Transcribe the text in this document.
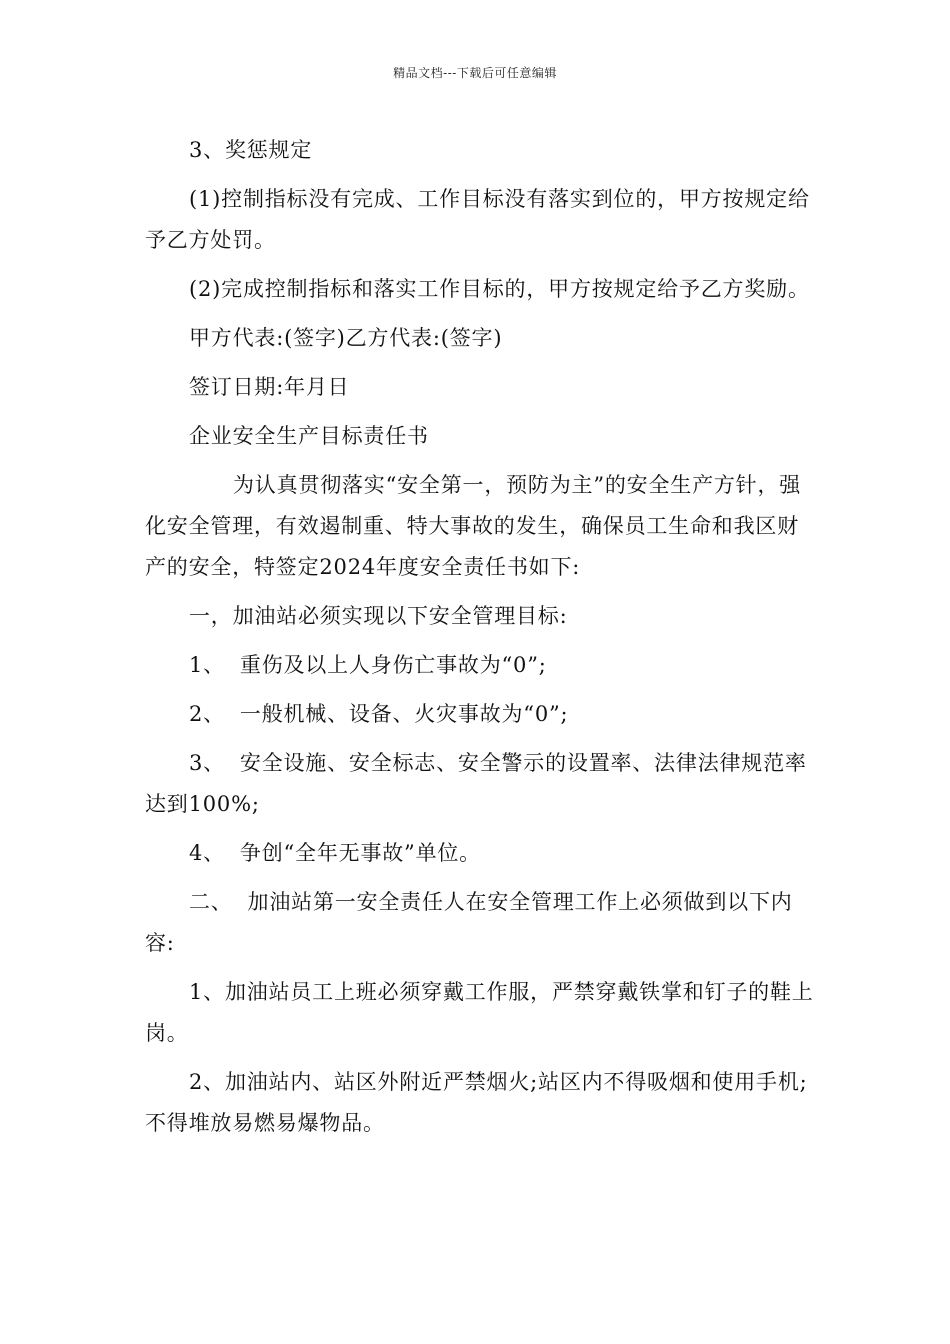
精品文档---下载后可任意编辑

3、奖惩规定

(1)控制指标没有完成、工作目标没有落实到位的，甲方按规定给予乙方处罚。

(2)完成控制指标和落实工作目标的，甲方按规定给予乙方奖励。

甲方代表:(签字)乙方代表:(签字)

签订日期:年月日

企业安全生产目标责任书

为认真贯彻落实“安全第一，预防为主”的安全生产方针，强化安全管理，有效遏制重、特大事故的发生，确保员工生命和我区财产的安全，特签定2024年度安全责任书如下:

一，加油站必须实现以下安全管理目标:

1、  重伤及以上人身伤亡事故为“0”;

2、  一般机械、设备、火灾事故为“0”;

3、  安全设施、安全标志、安全警示的设置率、法律法律规范率达到100%;

4、  争创“全年无事故”单位。

二、  加油站第一安全责任人在安全管理工作上必须做到以下内容:

1、加油站员工上班必须穿戴工作服，严禁穿戴铁掌和钉子的鞋上岗。

2、加油站内、站区外附近严禁烟火;站区内不得吸烟和使用手机;不得堆放易燃易爆物品。
